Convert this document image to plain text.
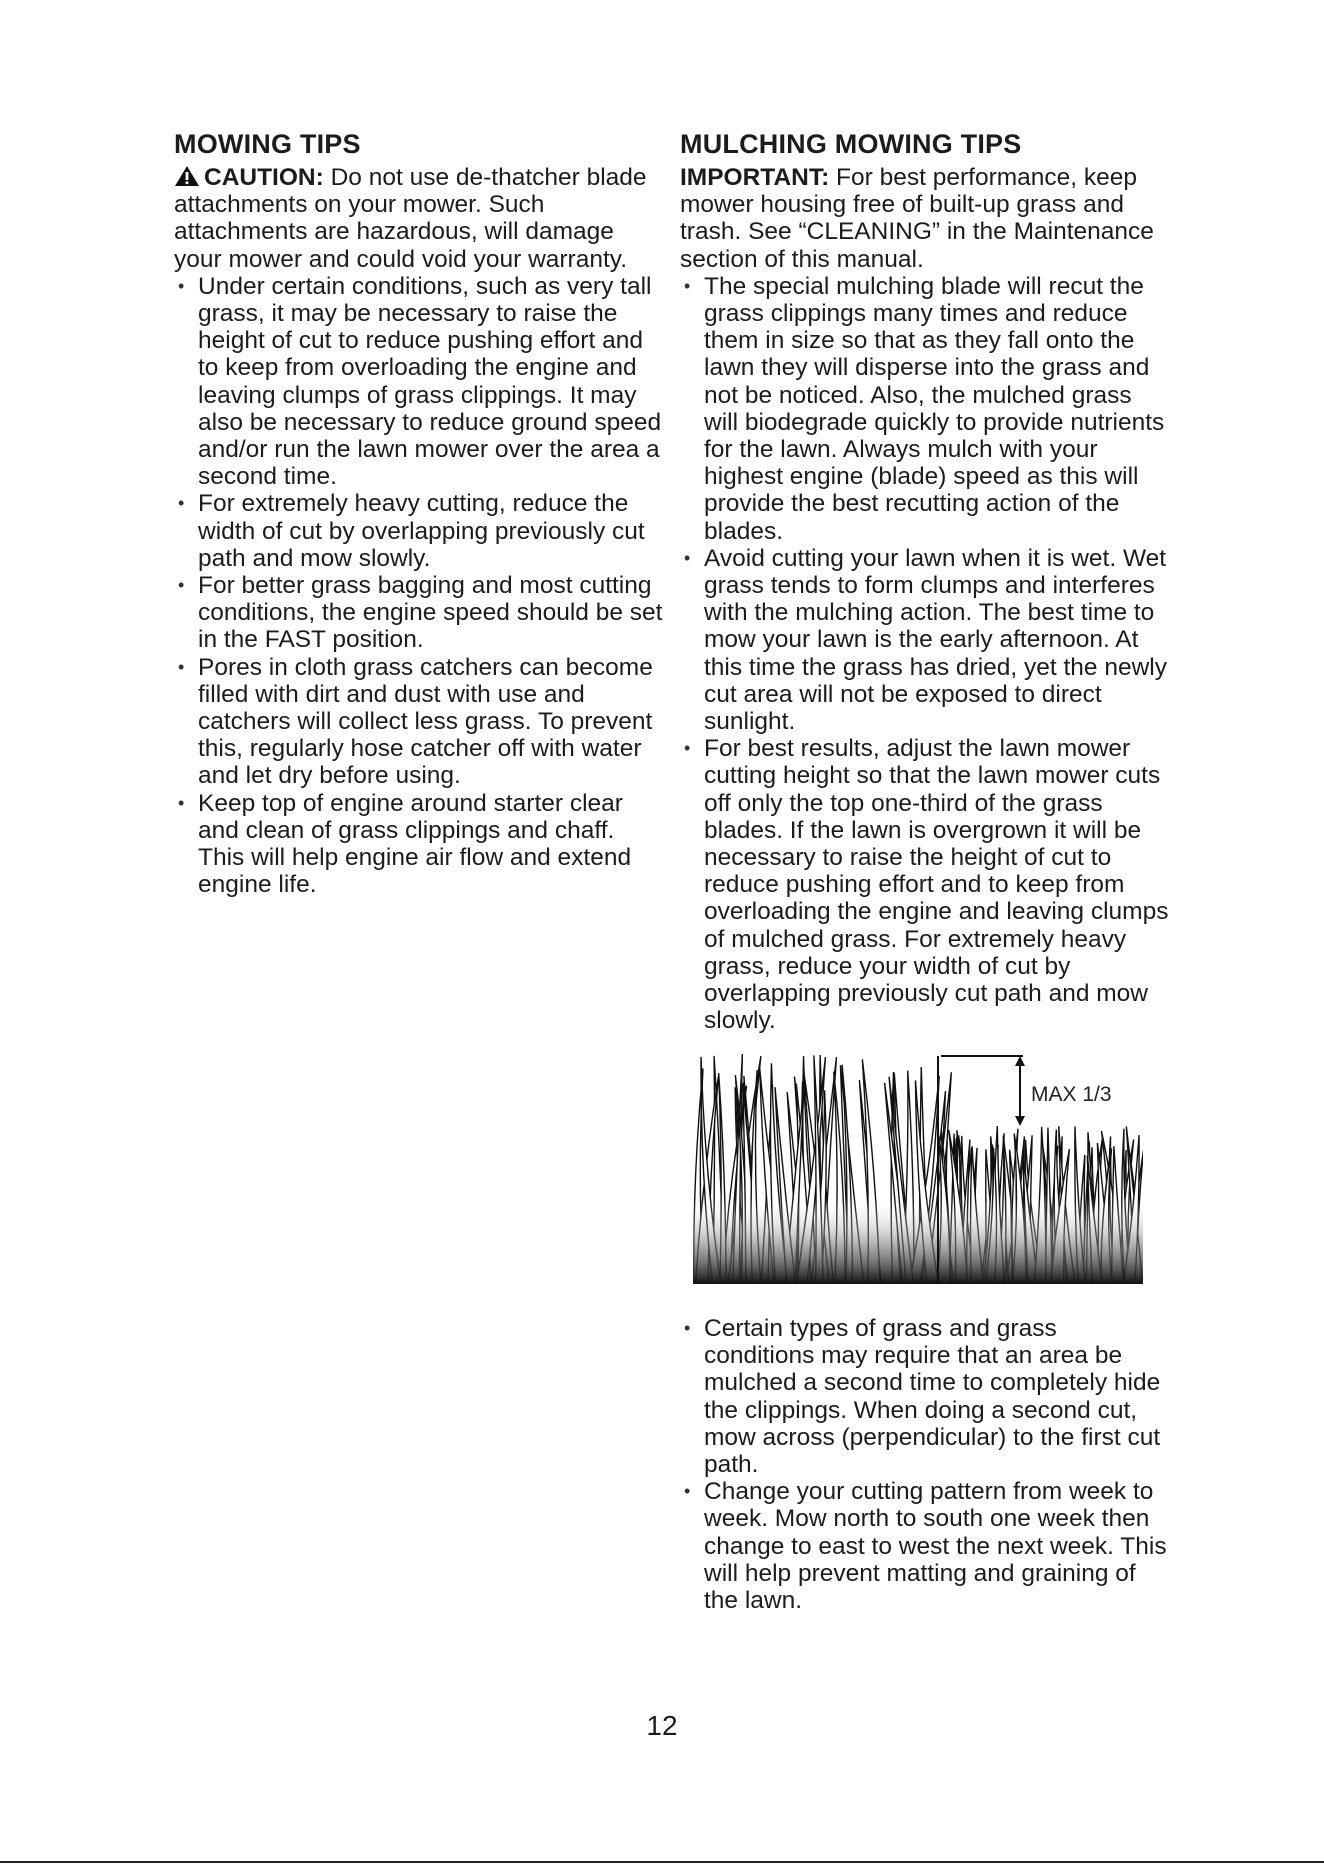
MOWING TIPS

CAUTION: Do not use de-thatcher blade attachments on your mower. Such attachments are hazardous, will damage your mower and could void your warranty.

• Under certain conditions, such as very tall grass, it may be necessary to raise the height of cut to reduce pushing effort and to keep from overloading the engine and leaving clumps of grass clippings. It may also be necessary to reduce ground speed and/or run the lawn mower over the area a second time.
• For extremely heavy cutting, reduce the width of cut by overlapping previously cut path and mow slowly.
• For better grass bagging and most cutting conditions, the engine speed should be set in the FAST position.
• Pores in cloth grass catchers can become filled with dirt and dust with use and catchers will collect less grass. To prevent this, regularly hose catcher off with water and let dry before using.
• Keep top of engine around starter clear and clean of grass clippings and chaff. This will help engine air flow and extend engine life.
MULCHING MOWING TIPS

IMPORTANT: For best performance, keep mower housing free of built-up grass and trash. See “CLEANING” in the Maintenance section of this manual.

• The special mulching blade will recut the grass clippings many times and reduce them in size so that as they fall onto the lawn they will disperse into the grass and not be noticed. Also, the mulched grass will biodegrade quickly to provide nutrients for the lawn. Always mulch with your highest engine (blade) speed as this will provide the best recutting action of the blades.
• Avoid cutting your lawn when it is wet. Wet grass tends to form clumps and interferes with the mulching action. The best time to mow your lawn is the early afternoon. At this time the grass has dried, yet the newly cut area will not be exposed to direct sunlight.
• For best results, adjust the lawn mower cutting height so that the lawn mower cuts off only the top one-third of the grass blades. If the lawn is overgrown it will be necessary to raise the height of cut to reduce pushing effort and to keep from overloading the engine and leaving clumps of mulched grass. For extremely heavy grass, reduce your width of cut by overlapping previously cut path and mow slowly.
MAX 1/3
• Certain types of grass and grass conditions may require that an area be mulched a second time to completely hide the clippings. When doing a second cut, mow across (perpendicular) to the first cut path.
• Change your cutting pattern from week to week. Mow north to south one week then change to east to west the next week. This will help prevent matting and graining of the lawn.
12
